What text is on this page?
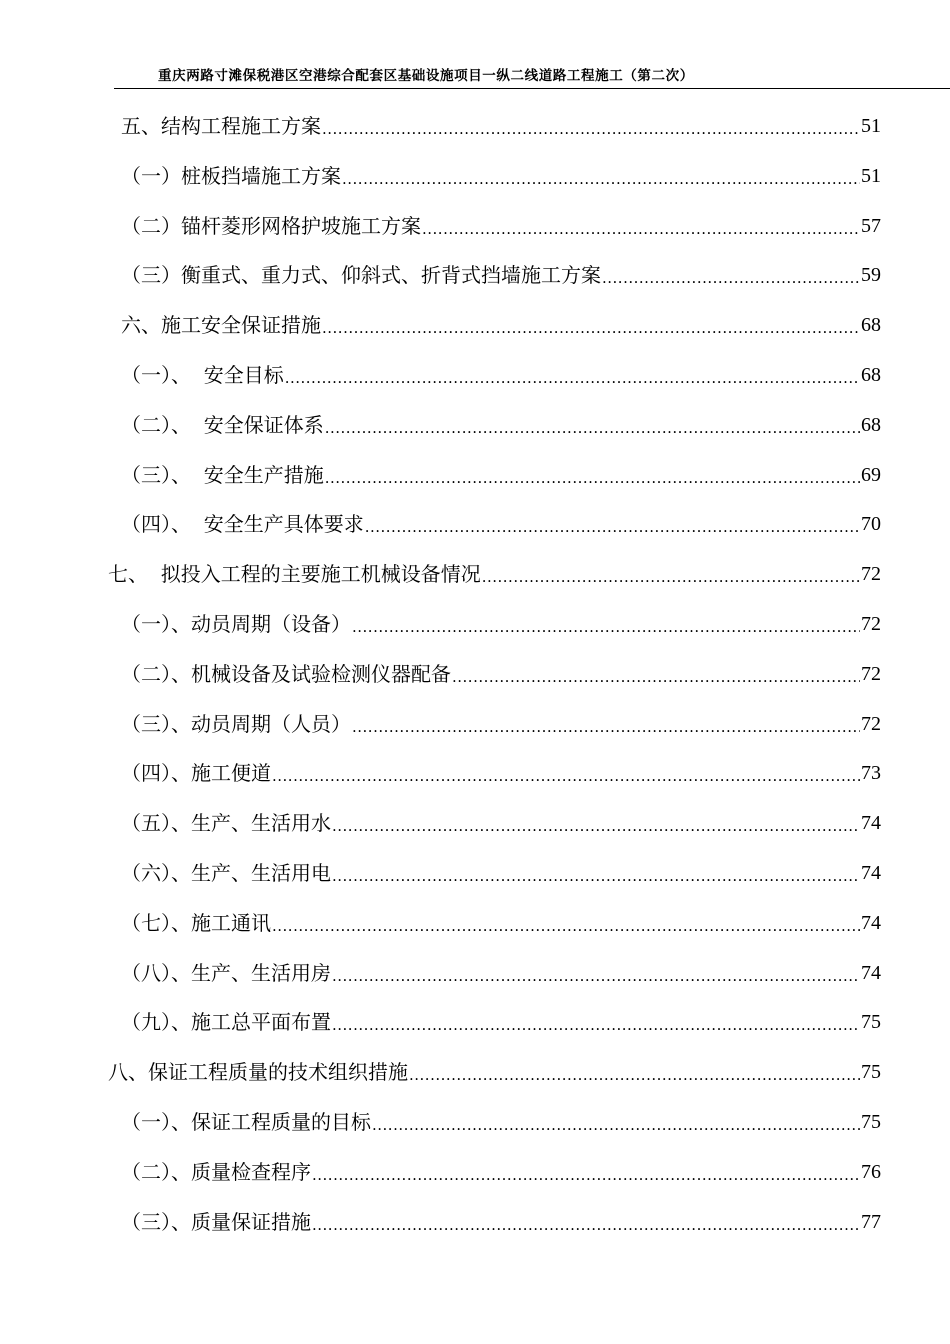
重庆两路寸滩保税港区空港综合配套区基础设施项目一纵二线道路工程施工（第二次）
五、结构工程施工方案 .....	51
（一）桩板挡墙施工方案 .....	51
（二）锚杆菱形网格护坡施工方案 .....	57
（三）衡重式、重力式、仰斜式、折背式挡墙施工方案 .....	59
六、施工安全保证措施 .....	68
（一）、  安全目标 .....	68
（二）、  安全保证体系 .....	68
（三）、  安全生产措施 .....	69
（四）、  安全生产具体要求 .....	70
七、  拟投入工程的主要施工机械设备情况 .....	72
（一）、动员周期（设备） .....	72
（二）、机械设备及试验检测仪器配备 .....	72
（三）、动员周期（人员） .....	72
（四）、施工便道 .....	73
（五）、生产、生活用水 .....	74
（六）、生产、生活用电 .....	74
（七）、施工通讯 .....	74
（八）、生产、生活用房 .....	74
（九）、施工总平面布置 .....	75
八、保证工程质量的技术组织措施 .....	75
（一）、保证工程质量的目标 .....	75
（二）、质量检查程序 .....	76
（三）、质量保证措施 .....	77
